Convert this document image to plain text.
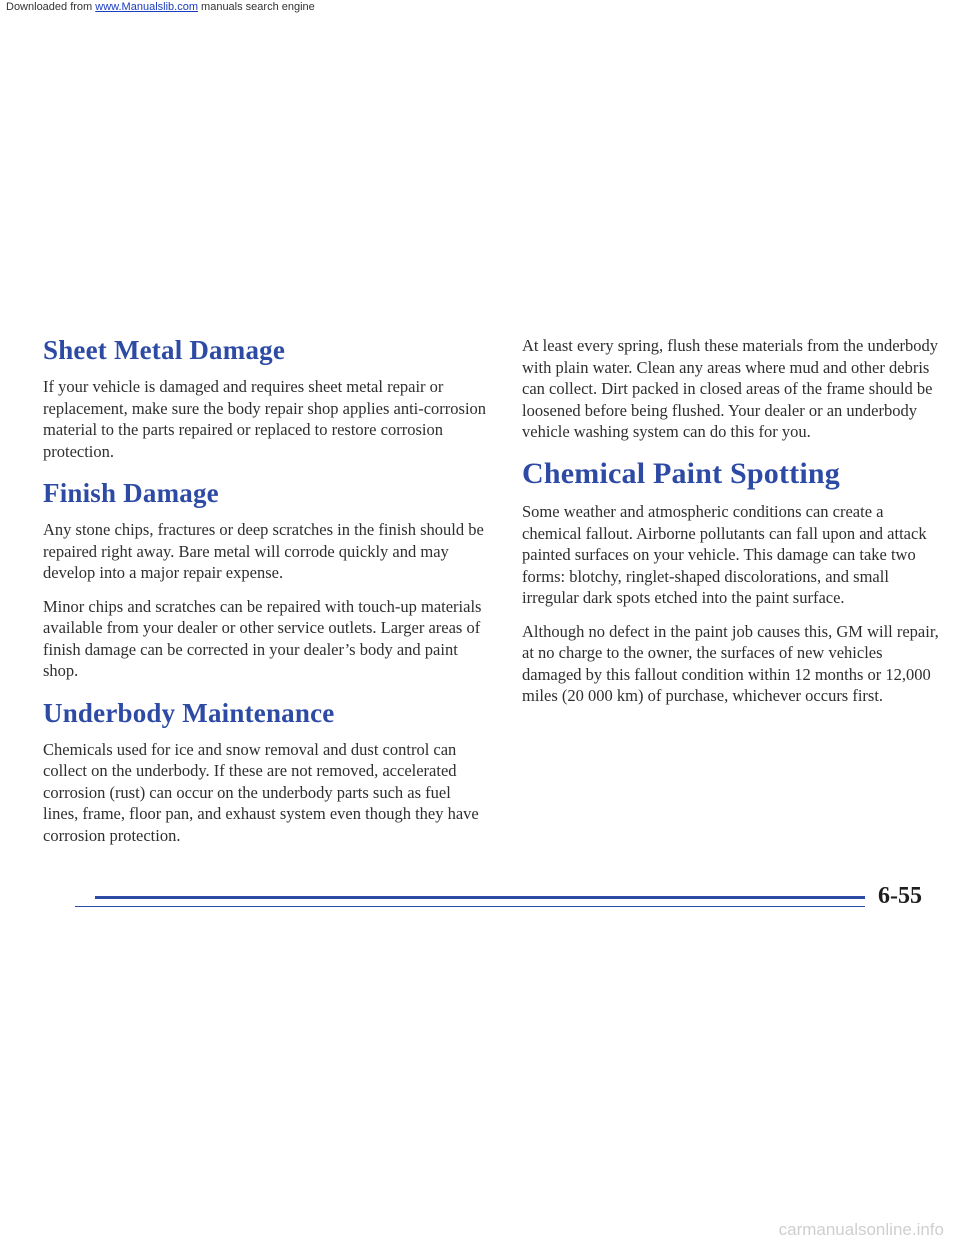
Downloaded from www.Manualslib.com manuals search engine
Sheet Metal Damage

If your vehicle is damaged and requires sheet metal repair or replacement, make sure the body repair shop applies anti-corrosion material to the parts repaired or replaced to restore corrosion protection.

Finish Damage

Any stone chips, fractures or deep scratches in the finish should be repaired right away. Bare metal will corrode quickly and may develop into a major repair expense.

Minor chips and scratches can be repaired with touch-up materials available from your dealer or other service outlets. Larger areas of finish damage can be corrected in your dealer’s body and paint shop.

Underbody Maintenance

Chemicals used for ice and snow removal and dust control can collect on the underbody. If these are not removed, accelerated corrosion (rust) can occur on the underbody parts such as fuel lines, frame, floor pan, and exhaust system even though they have corrosion protection.

At least every spring, flush these materials from the underbody with plain water. Clean any areas where mud and other debris can collect. Dirt packed in closed areas of the frame should be loosened before being flushed. Your dealer or an underbody vehicle washing system can do this for you.

Chemical Paint Spotting

Some weather and atmospheric conditions can create a chemical fallout. Airborne pollutants can fall upon and attack painted surfaces on your vehicle. This damage can take two forms: blotchy, ringlet-shaped discolorations, and small irregular dark spots etched into the paint surface.

Although no defect in the paint job causes this, GM will repair, at no charge to the owner, the surfaces of new vehicles damaged by this fallout condition within 12 months or 12,000 miles (20 000 km) of purchase, whichever occurs first.

6-55
carmanualsonline.info
